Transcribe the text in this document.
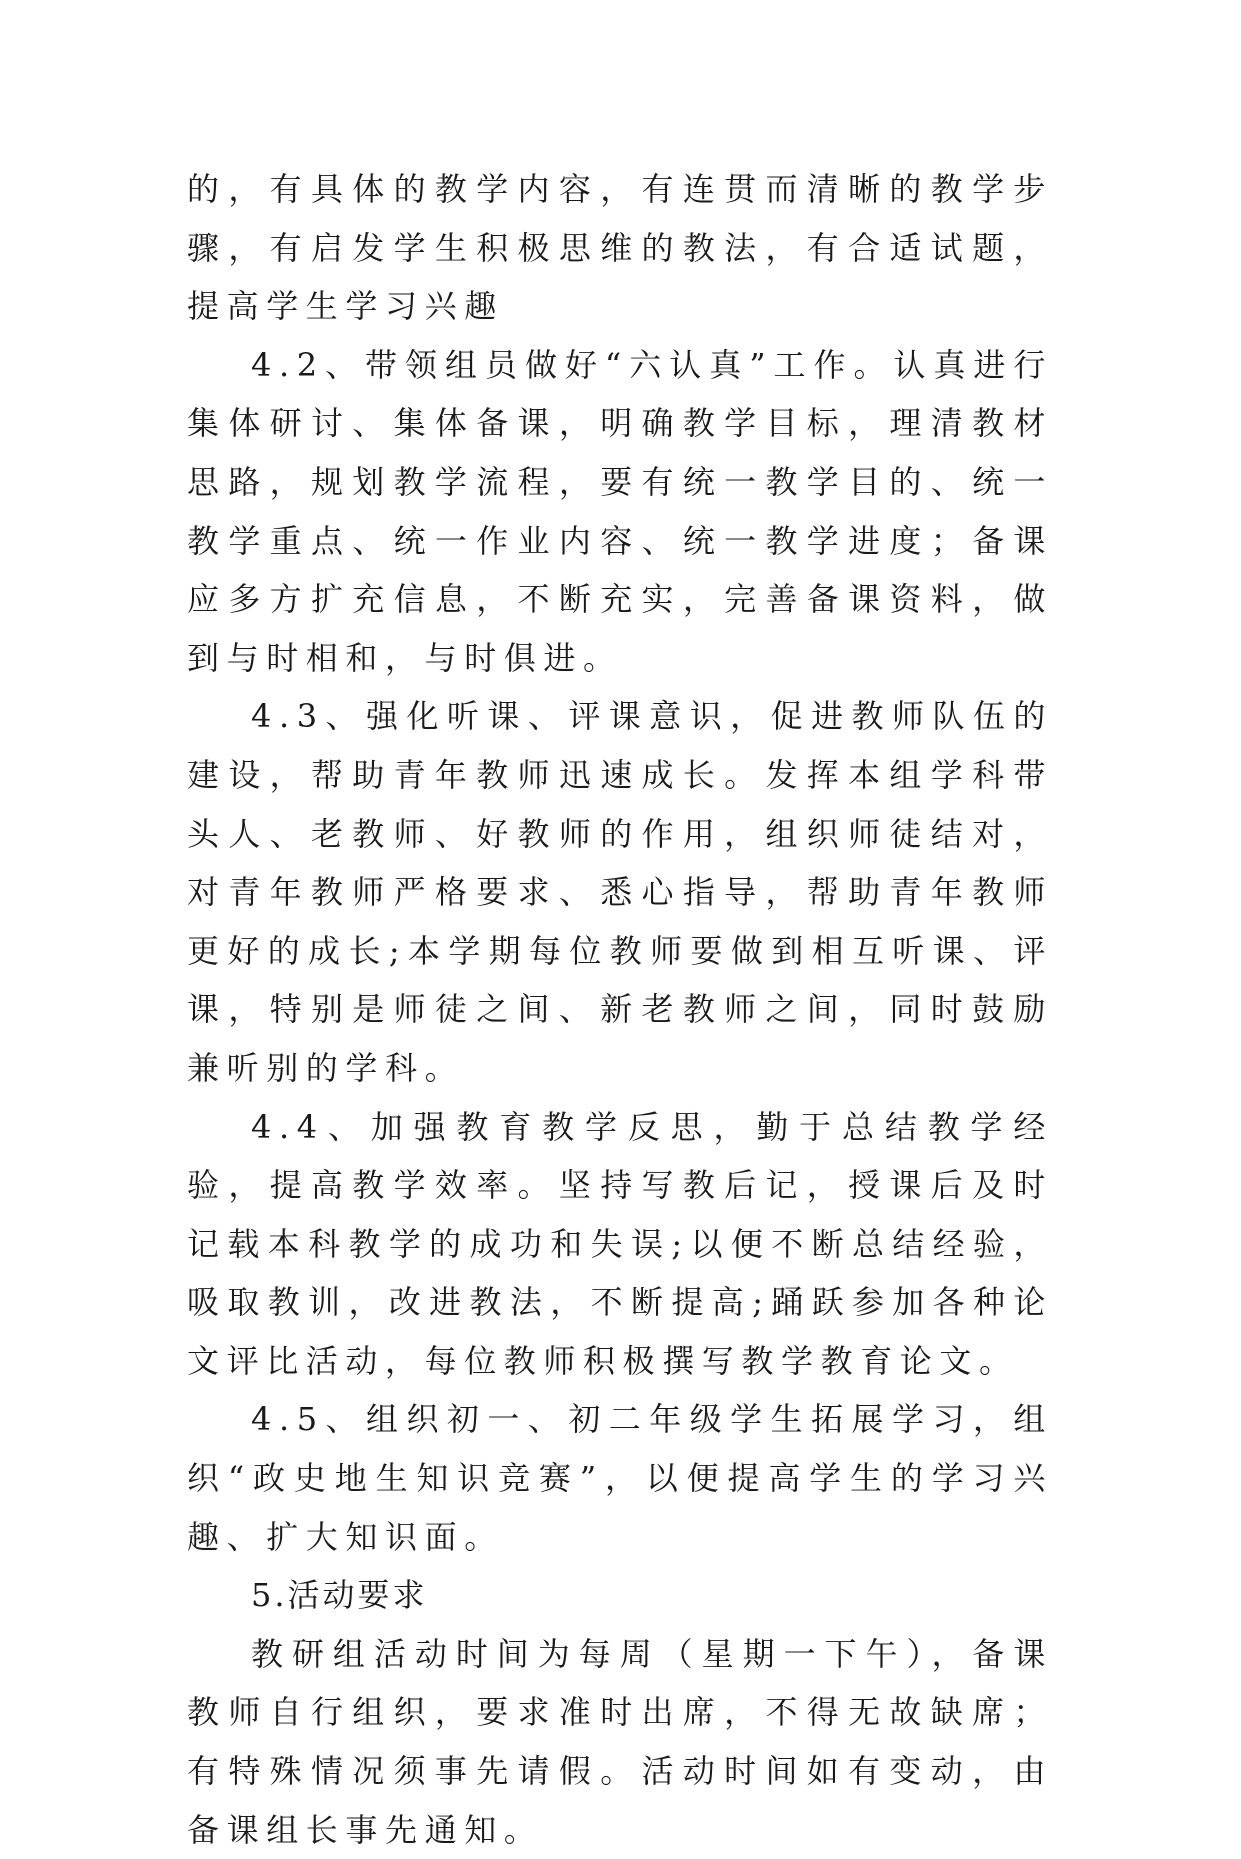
的，有具体的教学内容，有连贯而清晰的教学步骤，有启发学生积极思维的教法，有合适试题，提高学生学习兴趣

4.2、带领组员做好“六认真”工作。认真进行集体研讨、集体备课，明确教学目标，理清教材思路，规划教学流程，要有统一教学目的、统一教学重点、统一作业内容、统一教学进度；备课应多方扩充信息，不断充实，完善备课资料，做到与时相和，与时俱进。

4.3、强化听课、评课意识，促进教师队伍的建设，帮助青年教师迅速成长。发挥本组学科带头人、老教师、好教师的作用，组织师徒结对，对青年教师严格要求、悉心指导，帮助青年教师更好的成长;本学期每位教师要做到相互听课、评课，特别是师徒之间、新老教师之间，同时鼓励兼听别的学科。

4.4、加强教育教学反思，勤于总结教学经验，提高教学效率。坚持写教后记，授课后及时记载本科教学的成功和失误;以便不断总结经验，吸取教训，改进教法，不断提高;踊跃参加各种论文评比活动，每位教师积极撰写教学教育论文。

4.5、组织初一、初二年级学生拓展学习，组织“政史地生知识竞赛”，以便提高学生的学习兴趣、扩大知识面。

5.活动要求

教研组活动时间为每周（星期一下午），备课教师自行组织，要求准时出席，不得无故缺席；有特殊情况须事先请假。活动时间如有变动，由备课组长事先通知。
